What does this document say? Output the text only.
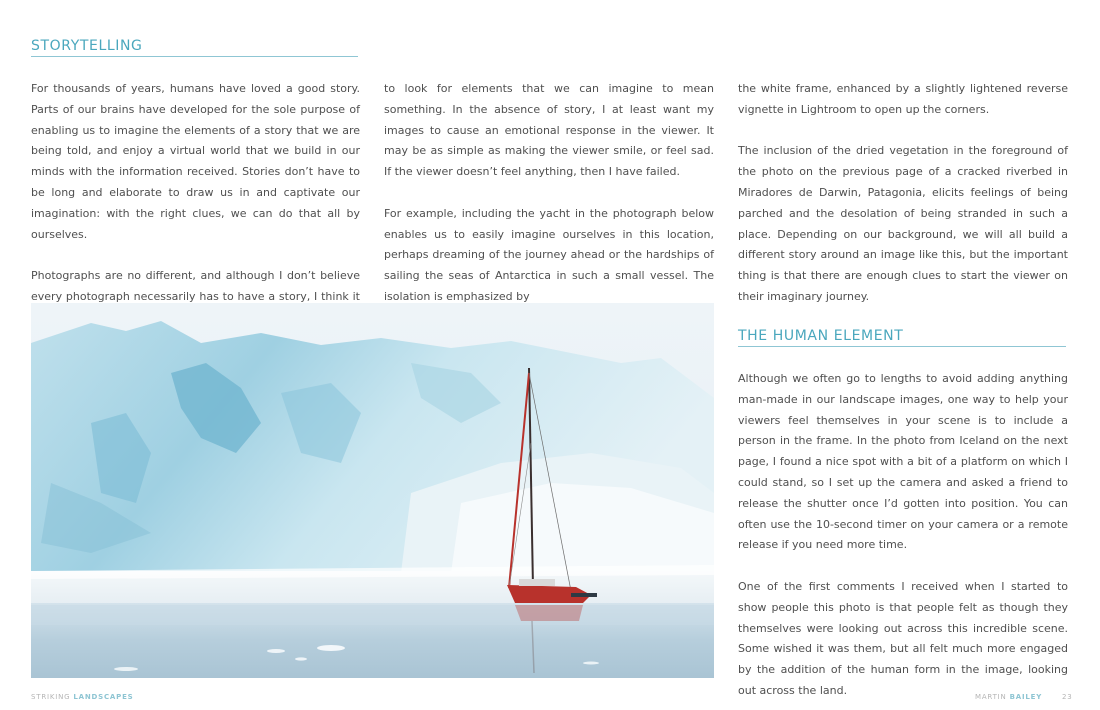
STORYTELLING

For thousands of years, humans have loved a good story. Parts of our brains have developed for the sole purpose of enabling us to imagine the elements of a story that we are being told, and enjoy a virtual world that we build in our minds with the information received. Stories don’t have to be long and elaborate to draw us in and captivate our imagination: with the right clues, we can do that all by ourselves.

Photographs are no different, and although I don’t believe every photograph necessarily has to have a story, I think it

to look for elements that we can imagine to mean something. In the absence of story, I at least want my images to cause an emotional response in the viewer. It may be as simple as making the viewer smile, or feel sad. If the viewer doesn’t feel anything, then I have failed.

For example, including the yacht in the photograph below enables us to easily imagine ourselves in this location, perhaps dreaming of the journey ahead or the hardships of sailing the seas of Antarctica in such a small vessel. The isolation is emphasized by

the white frame, enhanced by a slightly lightened reverse vignette in Lightroom to open up the corners.

The inclusion of the dried vegetation in the foreground of the photo on the previous page of a cracked riverbed in Miradores de Darwin, Patagonia, elicits feelings of being parched and the desolation of being stranded in such a place. Depending on our background, we will all build a different story around an image like this, but the important thing is that there are enough clues to start the viewer on their imaginary journey.

THE HUMAN ELEMENT

Although we often go to lengths to avoid adding anything man-made in our landscape images, one way to help your viewers feel themselves in your scene is to include a person in the frame. In the photo from Iceland on the next page, I found a nice spot with a bit of a platform on which I could stand, so I set up the camera and asked a friend to release the shutter once I’d gotten into position. You can often use the 10-second timer on your camera or a remote release if you need more time.

One of the first comments I received when I started to show people this photo is that people felt as though they themselves were looking out across this incredible scene. Some wished it was them, but all felt much more engaged by the addition of the human form in the image, looking out across the land.

STRIKING LANDSCAPES	MARTIN BAILEY	23
